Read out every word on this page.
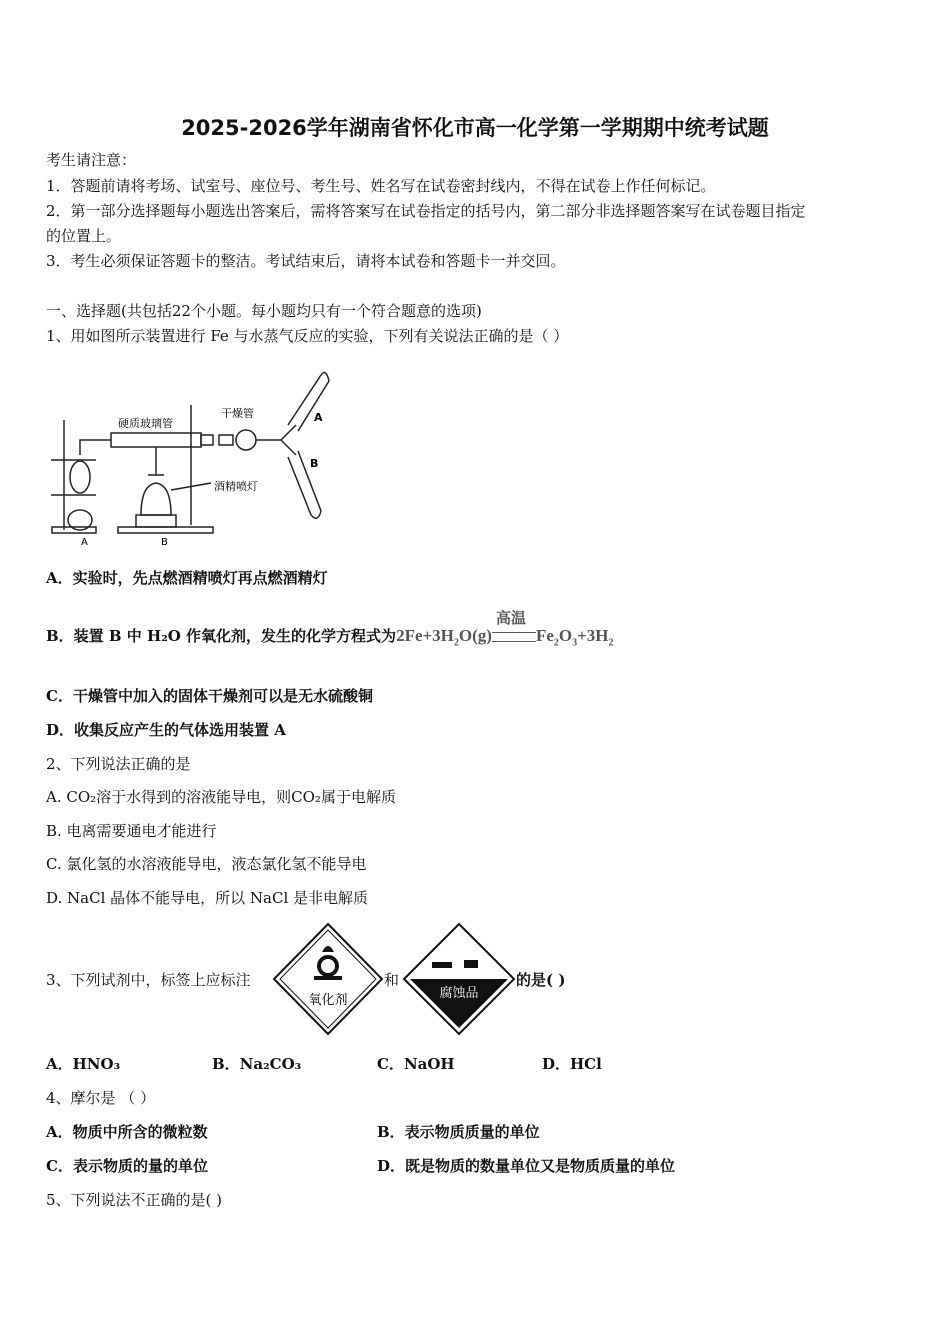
2025-2026学年湖南省怀化市高一化学第一学期期中统考试题
考生请注意：
1．答题前请将考场、试室号、座位号、考生号、姓名写在试卷密封线内，不得在试卷上作任何标记。
2．第一部分选择题每小题选出答案后，需将答案写在试卷指定的括号内，第二部分非选择题答案写在试卷题目指定
的位置上。
3．考生必须保证答题卡的整洁。考试结束后，请将本试卷和答题卡一并交回。
一、选择题(共包括22个小题。每小题均只有一个符合题意的选项)
1、用如图所示装置进行 Fe 与水蒸气反应的实验，下列有关说法正确的是（ ）
硬质玻璃管
干燥管
酒精喷灯
A	B
A
B
A．实验时，先点燃酒精喷灯再点燃酒精灯
B．装置 B 中 H₂O 作氧化剂，发生的化学方程式为$2Fe+3H_2O(g)$
高温
$Fe_2O_3+3H_2$
C．干燥管中加入的固体干燥剂可以是无水硫酸铜
D．收集反应产生的气体选用装置 A
2、下列说法正确的是
A. CO₂溶于水得到的溶液能导电，则CO₂属于电解质
B. 电离需要通电才能进行
C. 氯化氢的水溶液能导电，液态氯化氢不能导电
D. NaCl 晶体不能导电，所以 NaCl 是非电解质
3、下列试剂中，标签上应标注
氧化剂
和
腐蚀品
的是( )
A．HNO₃	B．Na₂CO₃	C．NaOH	D．HCl
4、摩尔是 （ ）
A．物质中所含的微粒数	B．表示物质质量的单位
C．表示物质的量的单位	D．既是物质的数量单位又是物质质量的单位
5、下列说法不正确的是( )
